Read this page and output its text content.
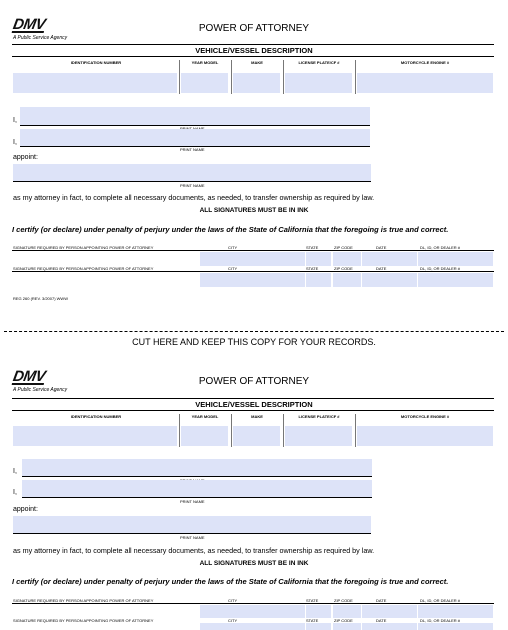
DMV
A Public Service Agency
POWER OF ATTORNEY
VEHICLE/VESSEL DESCRIPTION
IDENTIFICATION NUMBER	YEAR MODEL	MAKE	LICENSE PLATE/CF #	MOTORCYCLE ENGINE #
I,
I,
PRINT NAME
appoint:
PRINT NAME
as my attorney in fact, to complete all necessary documents, as needed, to transfer ownership as required by law.
ALL SIGNATURES MUST BE IN INK
I certify (or declare) under penalty of perjury under the laws of the State of California that the foregoing is true and correct.
SIGNATURE REQUIRED BY PERSON APPOINTING POWER OF ATTORNEY	CITY	STATE	ZIP CODE	DATE	DL, ID, OR DEALER #
SIGNATURE REQUIRED BY PERSON APPOINTING POWER OF ATTORNEY	CITY	STATE	ZIP CODE	DATE	DL, ID, OR DEALER #
REG 260 (REV. 3/2007) WWW
CUT HERE AND KEEP THIS COPY FOR YOUR RECORDS.
DMV
A Public Service Agency
POWER OF ATTORNEY
VEHICLE/VESSEL DESCRIPTION
IDENTIFICATION NUMBER	YEAR MODEL	MAKE	LICENSE PLATE/CF #	MOTORCYCLE ENGINE #
I,
I,
PRINT NAME
appoint:
PRINT NAME
as my attorney in fact, to complete all necessary documents, as needed, to transfer ownership as required by law.
ALL SIGNATURES MUST BE IN INK
I certify (or declare) under penalty of perjury under the laws of the State of California that the foregoing is true and correct.
SIGNATURE REQUIRED BY PERSON APPOINTING POWER OF ATTORNEY	CITY	STATE	ZIP CODE	DATE	DL, ID, OR DEALER #
SIGNATURE REQUIRED BY PERSON APPOINTING POWER OF ATTORNEY	CITY	STATE	ZIP CODE	DATE	DL, ID, OR DEALER #
